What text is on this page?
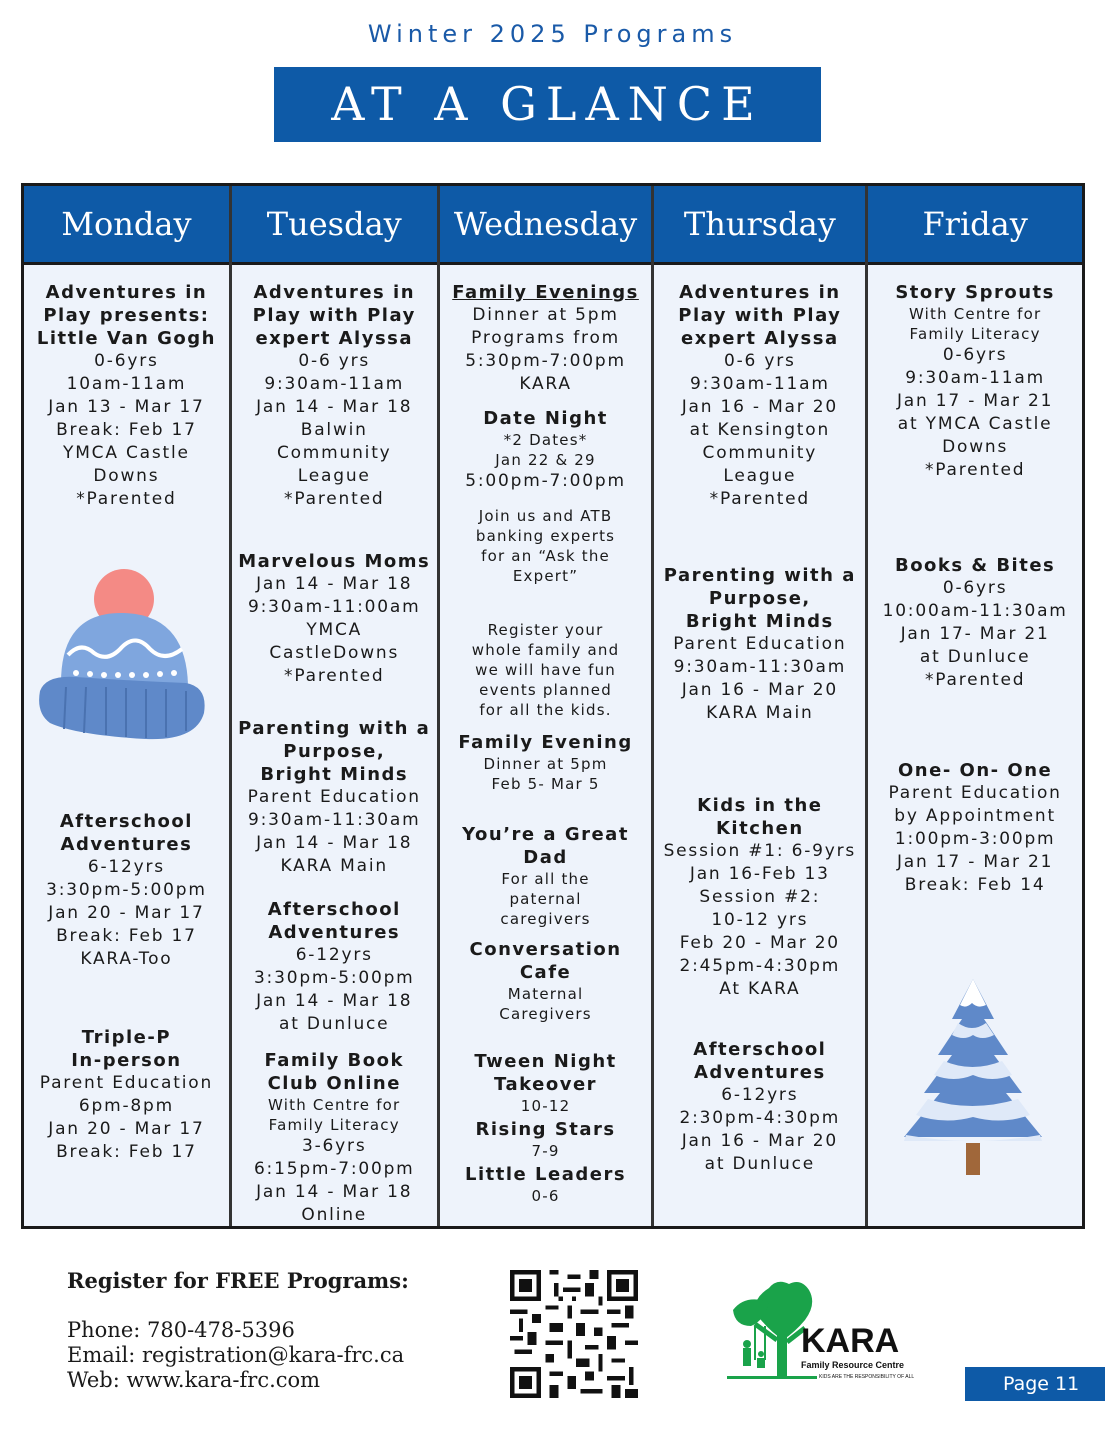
Winter 2025 Programs
AT A GLANCE
Monday
Adventures in
Play presents:
Little Van Gogh
0-6yrs
10am-11am
Jan 13 - Mar 17
Break: Feb 17
YMCA Castle
Downs
*Parented
Afterschool
Adventures
6-12yrs
3:30pm-5:00pm
Jan 20 - Mar 17
Break: Feb 17
KARA-Too
Triple-P
In-person
Parent Education
6pm-8pm
Jan 20 - Mar 17
Break: Feb 17
Tuesday
Adventures in
Play with Play
expert Alyssa
0-6 yrs
9:30am-11am
Jan 14 - Mar 18
Balwin
Community
League
*Parented
Marvelous Moms
Jan 14 - Mar 18
9:30am-11:00am
YMCA
CastleDowns
*Parented
Parenting with a
Purpose,
Bright Minds
Parent Education
9:30am-11:30am
Jan 14 - Mar 18
KARA Main
Afterschool
Adventures
6-12yrs
3:30pm-5:00pm
Jan 14 - Mar 18
at Dunluce
Family Book
Club Online
With Centre for
Family Literacy
3-6yrs
6:15pm-7:00pm
Jan 14 - Mar 18
Online
Wednesday
Family Evenings
Dinner at 5pm
Programs from
5:30pm-7:00pm
KARA
Date Night
*2 Dates*
Jan 22 & 29
5:00pm-7:00pm
Join us and ATB
banking experts
for an “Ask the
Expert”
Register your
whole family and
we will have fun
events planned
for all the kids.
Family Evening
Dinner at 5pm
Feb 5- Mar 5
You’re a Great
Dad
For all the
paternal
caregivers
Conversation
Cafe
Maternal
Caregivers
Tween Night
Takeover
10-12
Rising Stars
7-9
Little Leaders
0-6
Thursday
Adventures in
Play with Play
expert Alyssa
0-6 yrs
9:30am-11am
Jan 16 - Mar 20
at Kensington
Community
League
*Parented
Parenting with a
Purpose,
Bright Minds
Parent Education
9:30am-11:30am
Jan 16 - Mar 20
KARA Main
Kids in the
Kitchen
Session #1: 6-9yrs
Jan 16-Feb 13
Session #2:
10-12 yrs
Feb 20 - Mar 20
2:45pm-4:30pm
At KARA
Afterschool
Adventures
6-12yrs
2:30pm-4:30pm
Jan 16 - Mar 20
at Dunluce
Friday
Story Sprouts
With Centre for
Family Literacy
0-6yrs
9:30am-11am
Jan 17 - Mar 21
at YMCA Castle
Downs
*Parented
Books & Bites
0-6yrs
10:00am-11:30am
Jan 17- Mar 21
at Dunluce
*Parented
One- On- One
Parent Education
by Appointment
1:00pm-3:00pm
Jan 17 - Mar 21
Break: Feb 14
Register for FREE Programs:
Phone: 780-478-5396
Email: registration@kara-frc.ca
Web: www.kara-frc.com
KARA
Family Resource Centre
KIDS ARE THE RESPONSIBILITY OF ALL	Page 11
